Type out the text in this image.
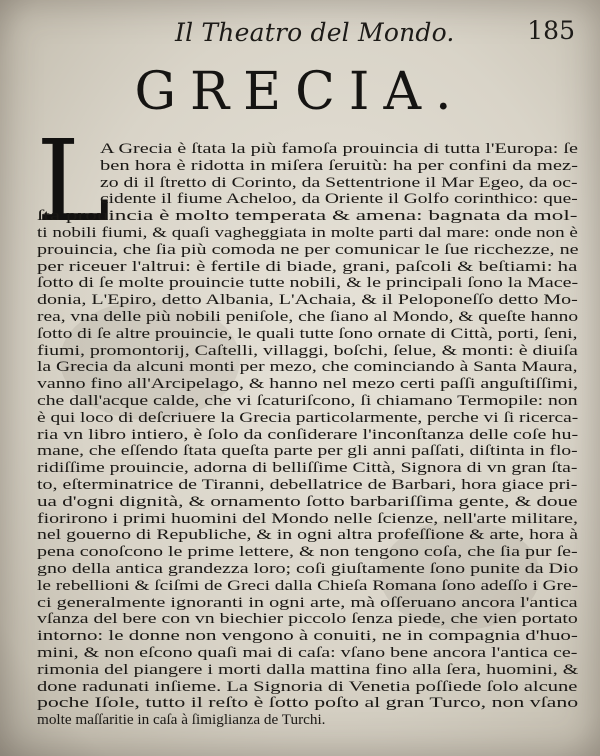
Il Theatro del Mondo.	185
GRECIA.
L
A Grecia è ſtata la più famoſa prouincia di tutta l'Europa: ſe
ben hora è ridotta in miſera ſeruitù: ha per confini da mez-
zo di il ſtretto di Corinto, da Settentrione il Mar Egeo, da oc-
cidente il fiume Acheloo, da Oriente il Golfo corinthico: que-
ſta prouincia è molto temperata & amena: bagnata da mol-
ti nobili fiumi, & quaſi vagheggiata in molte parti dal mare: onde non è
prouincia, che ſia più comoda ne per comunicar le ſue ricchezze, ne
per riceuer l'altrui: è fertile di biade, grani, paſcoli & beſtiami: ha
ſotto di ſe molte prouincie tutte nobili, & le principali ſono la Mace-
donia, L'Epiro, detto Albania, L'Achaia, & il Peloponeſſo detto Mo-
rea, vna delle più nobili peniſole, che ſiano al Mondo, & queſte hanno
ſotto di ſe altre prouincie, le quali tutte ſono ornate di Città, porti, ſeni,
fiumi, promontorij, Caſtelli, villaggi, boſchi, ſelue, & monti: è diuiſa
la Grecia da alcuni monti per mezo, che cominciando à Santa Maura,
vanno fino all'Arcipelago, & hanno nel mezo certi paſſi anguſtiſſimi,
che dall'acque calde, che vi ſcaturiſcono, ſi chiamano Termopile: non
è qui loco di deſcriuere la Grecia particolarmente, perche vi ſi ricerca-
ria vn libro intiero, è ſolo da conſiderare l'inconſtanza delle coſe hu-
mane, che eſſendo ſtata queſta parte per gli anni paſſati, diſtinta in flo-
ridiſſime prouincie, adorna di belliſſime Città, Signora di vn gran ſta-
to, eſterminatrice de Tiranni, debellatrice de Barbari, hora giace pri-
ua d'ogni dignità, & ornamento ſotto barbariſſima gente, & doue
fiorirono i primi huomini del Mondo nelle ſcienze, nell'arte militare,
nel gouerno di Republiche, & in ogni altra profeſſione & arte, hora à
pena conoſcono le prime lettere, & non tengono coſa, che ſia pur ſe-
gno della antica grandezza loro; coſi giuſtamente ſono punite da Dio
le rebellioni & ſciſmi de Greci dalla Chieſa Romana ſono adeſſo i Gre-
ci generalmente ignoranti in ogni arte, mà oſſeruano ancora l'antica
vſanza del bere con vn biechier piccolo ſenza piede, che vien portato
intorno: le donne non vengono à conuiti, ne in compagnia d'huo-
mini, & non eſcono quaſi mai di caſa: vſano bene ancora l'antica ce-
rimonia del piangere i morti dalla mattina fino alla ſera, huomini, &
done radunati inſieme. La Signoria di Venetia poſſiede ſolo alcune
poche Iſole, tutto il reſto è ſotto poſto al gran Turco, non vſano
molte maſſaritie in caſa à ſimiglianza de Turchi.
